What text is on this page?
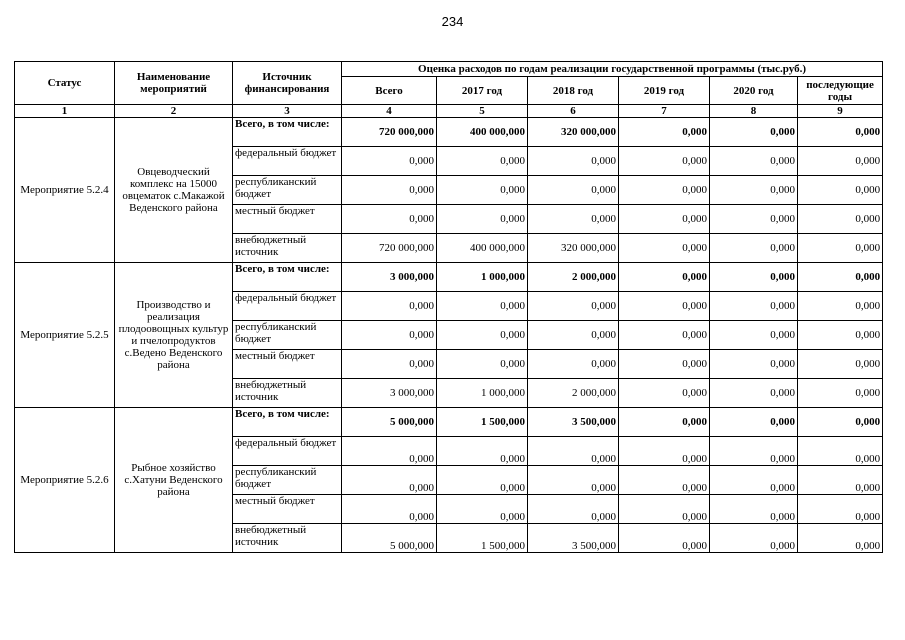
234
Статус	Наименование мероприятий	Источник финансирования	Оценка расходов по годам реализации государственной программы (тыс.руб.)					
			Всего	2017 год	2018 год	2019 год	2020 год	последующие годы
1	2	3	4	5	6	7	8	9
Мероприятие 5.2.4	Овцеводческий комплекс на 15000 овцематок с.Макажой Веденского района	Всего, в том числе:	720 000,000	400 000,000	320 000,000	0,000	0,000	0,000
		федеральный бюджет	0,000	0,000	0,000	0,000	0,000	0,000
		республиканский бюджет	0,000	0,000	0,000	0,000	0,000	0,000
		местный бюджет	0,000	0,000	0,000	0,000	0,000	0,000
		внебюджетный источник	720 000,000	400 000,000	320 000,000	0,000	0,000	0,000
Мероприятие 5.2.5	Производство и реализация плодоовощных культур и пчелопродуктов с.Ведено Веденского района	Всего, в том числе:	3 000,000	1 000,000	2 000,000	0,000	0,000	0,000
		федеральный бюджет	0,000	0,000	0,000	0,000	0,000	0,000
		республиканский бюджет	0,000	0,000	0,000	0,000	0,000	0,000
		местный бюджет	0,000	0,000	0,000	0,000	0,000	0,000
		внебюджетный источник	3 000,000	1 000,000	2 000,000	0,000	0,000	0,000
Мероприятие 5.2.6	Рыбное хозяйство с.Хатуни Веденского района	Всего, в том числе:	5 000,000	1 500,000	3 500,000	0,000	0,000	0,000
		федеральный бюджет	0,000	0,000	0,000	0,000	0,000	0,000
		республиканский бюджет	0,000	0,000	0,000	0,000	0,000	0,000
		местный бюджет	0,000	0,000	0,000	0,000	0,000	0,000
		внебюджетный источник	5 000,000	1 500,000	3 500,000	0,000	0,000	0,000
